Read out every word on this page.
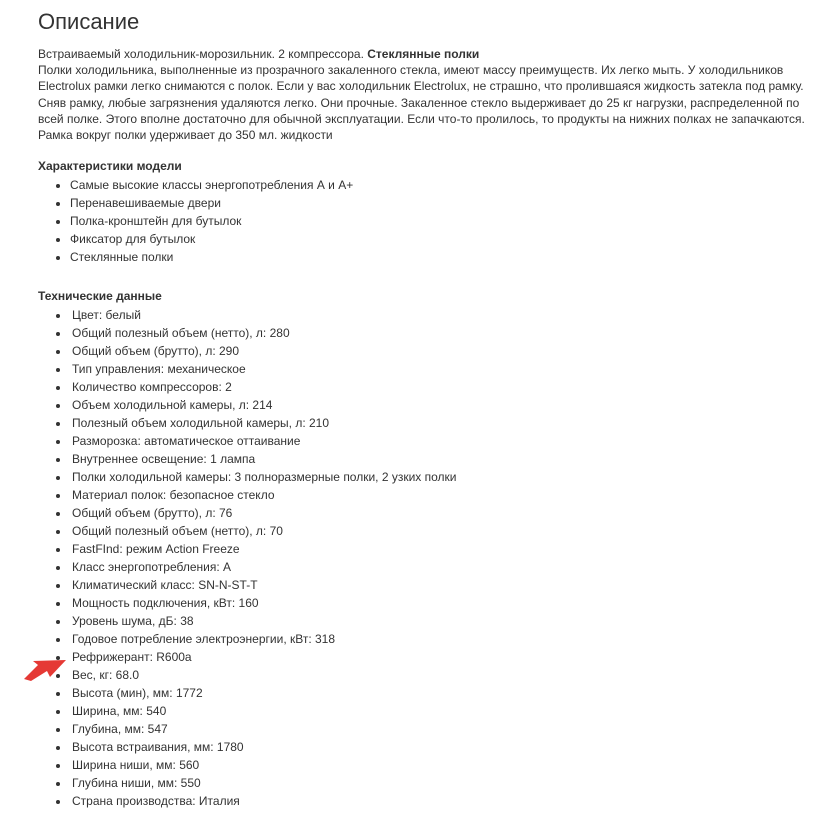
Описание

Встраиваемый холодильник-морозильник. 2 компрессора. Стеклянные полки
Полки холодильника, выполненные из прозрачного закаленного стекла, имеют массу преимуществ. Их легко мыть. У холодильников Electrolux рамки легко снимаются с полок. Если у вас холодильник Electrolux, не страшно, что пролившаяся жидкость затекла под рамку. Сняв рамку, любые загрязнения удаляются легко. Они прочные. Закаленное стекло выдерживает до 25 кг нагрузки, распределенной по всей полке. Этого вполне достаточно для обычной эксплуатации. Если что-то пролилось, то продукты на нижних полках не запачкаются. Рамка вокруг полки удерживает до 350 мл. жидкости

Характеристики модели
• Самые высокие классы энергопотребления А и А+
• Перенавешиваемые двери
• Полка-кронштейн для бутылок
• Фиксатор для бутылок
• Стеклянные полки
Технические данные
• Цвет: белый
• Общий полезный объем (нетто), л: 280
• Общий объем (брутто), л: 290
• Тип управления: механическое
• Количество компрессоров: 2
• Объем холодильной камеры, л: 214
• Полезный объем холодильной камеры, л: 210
• Разморозка: автоматическое оттаивание
• Внутреннее освещение: 1 лампа
• Полки холодильной камеры: 3 полноразмерные полки, 2 узких полки
• Материал полок: безопасное стекло
• Общий объем (брутто), л: 76
• Общий полезный объем (нетто), л: 70
• FastFInd: режим Action Freeze
• Класс энергопотребления: А
• Климатический класс: SN-N-ST-T
• Мощность подключения, кВт: 160
• Уровень шума, дБ: 38
• Годовое потребление электроэнергии, кВт: 318
• Рефрижерант: R600a
• Вес, кг: 68.0
• Высота (мин), мм: 1772
• Ширина, мм: 540
• Глубина, мм: 547
• Высота встраивания, мм: 1780
• Ширина ниши, мм: 560
• Глубина ниши, мм: 550
• Страна производства: Италия
